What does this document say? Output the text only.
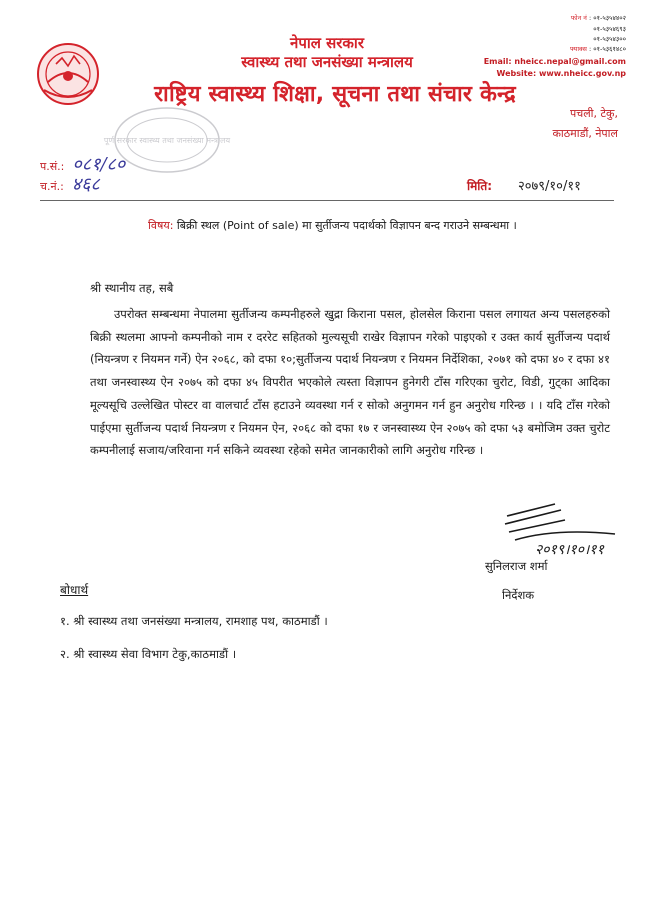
नेपाल सरकार
स्वास्थ्य तथा जनसंख्या मन्त्रालय
राष्ट्रिय स्वास्थ्य शिक्षा, सूचना तथा संचार केन्द्र
फोन नं : ०१-५३५४४०२
०१-५३५४६९३
०१-५३५४३००
फ्याक्स : ०१-५३६१४८०
Email: nheicc.nepal@gmail.com
Website: www.nheicc.gov.np
पचली, टेकु,
काठमाडौं, नेपाल
पूर्ण सरकार स्वास्थ्य तथा जनसंख्या मन्त्रालय
प.सं.: ०८१/८०
च.नं.: ४६८	मिति: २०७९/१०/११
विषय: बिक्री स्थल (Point of sale) मा सुर्तीजन्य पदार्थको विज्ञापन बन्द गराउने सम्बन्धमा ।
श्री स्थानीय तह, सबै

उपरोक्त सम्बन्धमा नेपालमा सुर्तीजन्य कम्पनीहरुले खुद्रा किराना पसल, होलसेल किराना पसल लगायत अन्य पसलहरुको बिक्री स्थलमा आफ्नो कम्पनीको नाम र दररेट सहितको मुल्यसूची राखेर विज्ञापन गरेको पाइएको र उक्त कार्य सुर्तीजन्य पदार्थ (नियन्त्रण र नियमन गर्ने) ऐन २०६८, को दफा १०;सुर्तीजन्य पदार्थ नियन्त्रण र नियमन निर्देशिका, २०७१ को दफा ४० र दफा ४१ तथा जनस्वास्थ्य ऐन २०७५ को दफा ४५ विपरीत भएकोले त्यस्ता विज्ञापन हुनेगरी टाँस गरिएका चुरोट, विडी, गुट्का आदिका मूल्यसूचि उल्लेखित पोस्टर वा वालचार्ट टाँस हटाउने व्यवस्था गर्न र सोको अनुगमन गर्न हुन अनुरोध गरिन्छ । । यदि टाँस गरेको पाईएमा सुर्तीजन्य पदार्थ नियन्त्रण र नियमन ऐन, २०६८ को दफा १७ र जनस्वास्थ्य ऐन २०७५ को दफा ५३ बमोजिम उक्त चुरोट कम्पनीलाई सजाय/जरिवाना गर्न सकिने व्यवस्था रहेको समेत जानकारीको लागि अनुरोध गरिन्छ ।

२०१९।१०।११
सुनिलराज शर्मा
निर्देशक
बोधार्थ
१. श्री स्वास्थ्य तथा जनसंख्या मन्त्रालय, रामशाह पथ, काठमाडौं ।
२. श्री स्वास्थ्य सेवा विभाग टेकु,काठमाडौं ।
